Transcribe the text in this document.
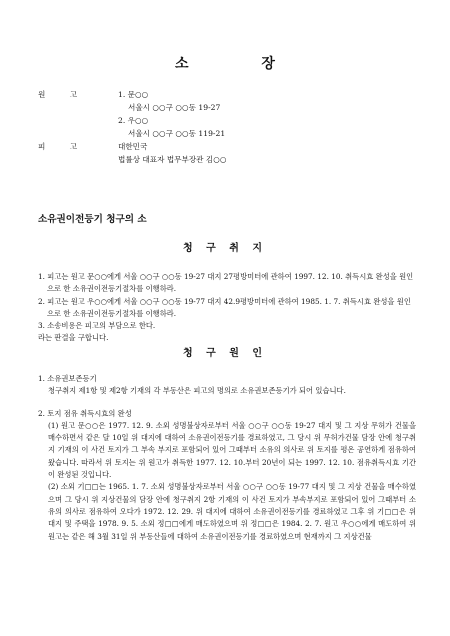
소 장
원 고	1. 문○○
서울시 ○○구 ○○동 19-27
2. 우○○
서울시 ○○구 ○○동 119-21
피 고	대한민국
법률상 대표자 법무부장관 김○○
소유권이전등기 청구의 소
청 구 취 지

1. 피고는 원고 문○○에게 서울 ○○구 ○○동 19-27 대지 27평방미터에 관하여 1997. 12. 10. 취득시효 완성을 원인으로 한 소유권이전등기절차를 이행하라.

2. 피고는 원고 우○○에게 서울 ○○구 ○○동 19-77 대지 42.9평방미터에 관하여 1985. 1. 7. 취득시효 완성을 원인으로 한 소유권이전등기절차를 이행하라.

3. 소송비용은 피고의 부담으로 한다.

라는 판결을 구합니다.

청 구 원 인

1. 소유권보존등기

청구취지 제1항 및 제2항 기재의 각 부동산은 피고의 명의로 소유권보존등기가 되어 있습니다.

2. 토지 점유 취득시효의 완성

(1) 원고 문○○은 1977. 12. 9. 소외 성명불상자로부터 서울 ○○구 ○○동 19-27 대지 및 그 지상 무허가 건물을 매수하면서 같은 달 10일 위 대지에 대하여 소유권이전등기를 경료하였고, 그 당시 위 무허가건물 담장 안에 청구취지 기재의 이 사건 토지가 그 부속 부지로 포함되어 있어 그때부터 소유의 의사로 위 토지를 평온 공연하게 점유하여 왔습니다. 따라서 위 토지는 위 원고가 취득한 1977. 12. 10.부터 20년이 되는 1997. 12. 10. 점유취득시효 기간이 완성된 것입니다.

(2) 소외 기□□는 1965. 1. 7. 소외 성명불상자로부터 서울 ○○구 ○○동 19-77 대지 및 그 지상 건물을 매수하였으며 그 당시 위 지상건물의 담장 안에 청구취지 2항 기재의 이 사건 토지가 부속부지로 포함되어 있어 그때부터 소유의 의사로 점유하여 오다가 1972. 12. 29. 위 대지에 대하여 소유권이전등기를 경료하였고 그후 위 기□□은 위 대지 및 주택을 1978. 9. 5. 소외 정□□에게 매도하였으며 위 정□□은 1984. 2. 7. 원고 우○○에게 매도하여 위 원고는 같은 해 3월 31일 위 부동산들에 대하여 소유권이전등기를 경료하였으며 현재까지 그 지상건물
